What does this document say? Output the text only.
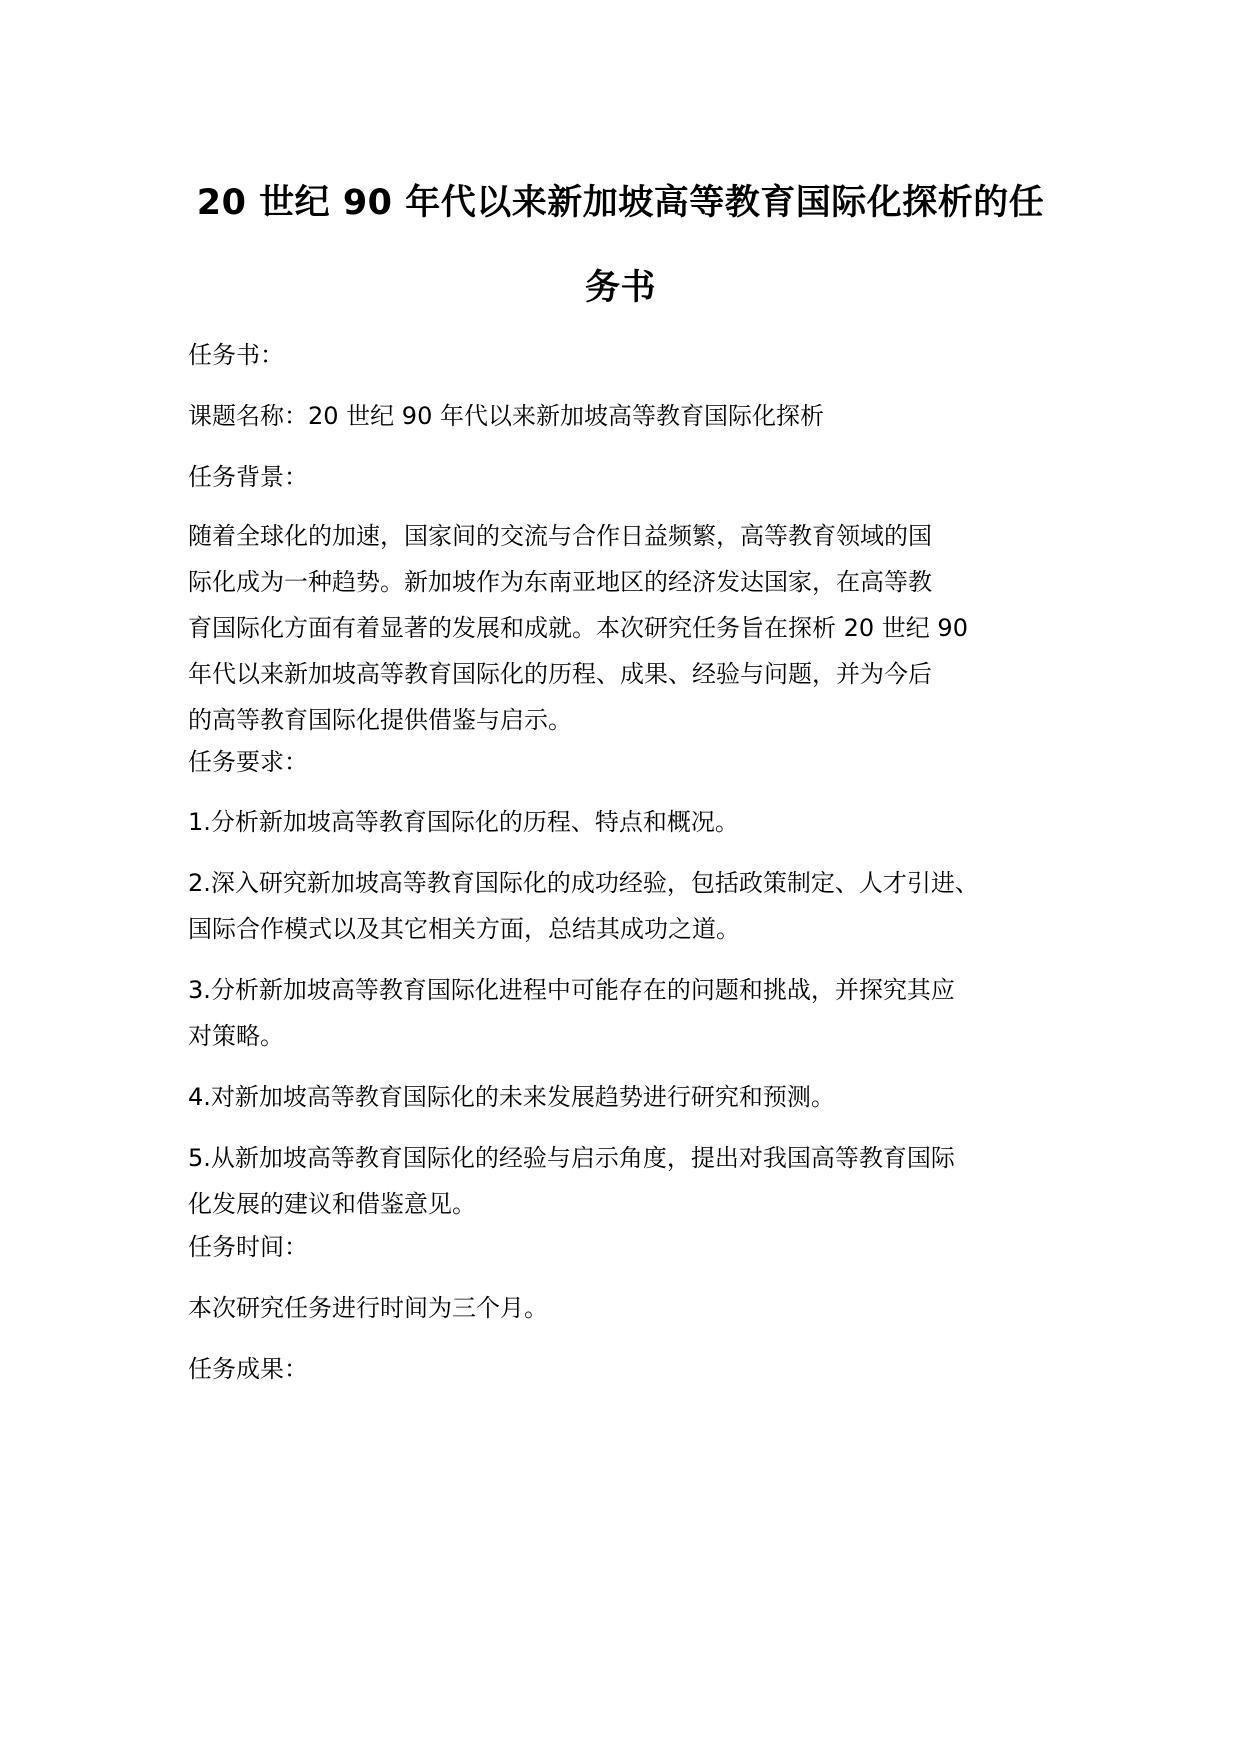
20 世纪 90 年代以来新加坡高等教育国际化探析的任
务书

任务书：

课题名称：20 世纪 90 年代以来新加坡高等教育国际化探析

任务背景：

随着全球化的加速，国家间的交流与合作日益频繁，高等教育领域的国
际化成为一种趋势。新加坡作为东南亚地区的经济发达国家，在高等教
育国际化方面有着显著的发展和成就。本次研究任务旨在探析 20 世纪 90
年代以来新加坡高等教育国际化的历程、成果、经验与问题，并为今后
的高等教育国际化提供借鉴与启示。

任务要求：

1.分析新加坡高等教育国际化的历程、特点和概况。
2.深入研究新加坡高等教育国际化的成功经验，包括政策制定、人才引进、
国际合作模式以及其它相关方面，总结其成功之道。
3.分析新加坡高等教育国际化进程中可能存在的问题和挑战，并探究其应
对策略。
4.对新加坡高等教育国际化的未来发展趋势进行研究和预测。
5.从新加坡高等教育国际化的经验与启示角度，提出对我国高等教育国际
化发展的建议和借鉴意见。

任务时间：

本次研究任务进行时间为三个月。

任务成果：
